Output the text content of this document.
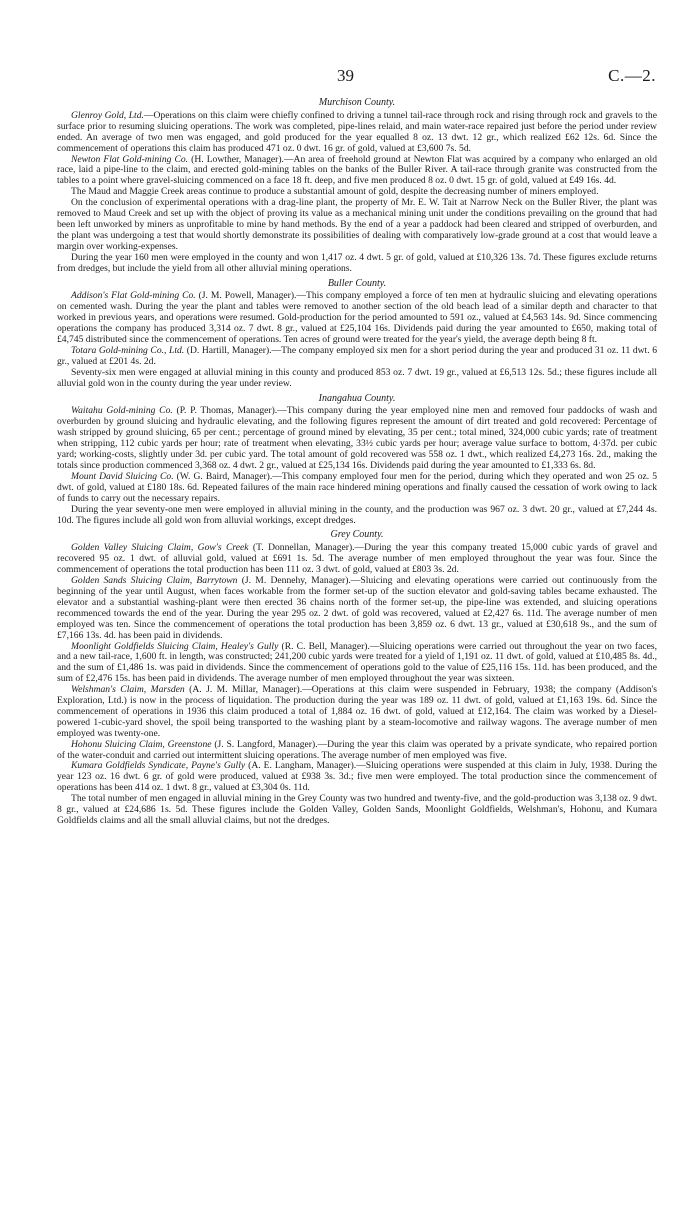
39	C.—2.

Murchison County.

Glenroy Gold, Ltd.—Operations on this claim were chiefly confined to driving a tunnel tail-race through rock and rising through rock and gravels to the surface prior to resuming sluicing operations. The work was completed, pipe-lines relaid, and main water-race repaired just before the period under review ended. An average of two men was engaged, and gold produced for the year equalled 8 oz. 13 dwt. 12 gr., which realized £62 12s. 6d. Since the commencement of operations this claim has produced 471 oz. 0 dwt. 16 gr. of gold, valued at £3,600 7s. 5d.

Newton Flat Gold-mining Co. (H. Lowther, Manager).—An area of freehold ground at Newton Flat was acquired by a company who enlarged an old race, laid a pipe-line to the claim, and erected gold-mining tables on the banks of the Buller River. A tail-race through granite was constructed from the tables to a point where gravel-sluicing commenced on a face 18 ft. deep, and five men produced 8 oz. 0 dwt. 15 gr. of gold, valued at £49 16s. 4d.

The Maud and Maggie Creek areas continue to produce a substantial amount of gold, despite the decreasing number of miners employed.

On the conclusion of experimental operations with a drag-line plant, the property of Mr. E. W. Tait at Narrow Neck on the Buller River, the plant was removed to Maud Creek and set up with the object of proving its value as a mechanical mining unit under the conditions prevailing on the ground that had been left unworked by miners as unprofitable to mine by hand methods. By the end of a year a paddock had been cleared and stripped of overburden, and the plant was undergoing a test that would shortly demonstrate its possibilities of dealing with comparatively low-grade ground at a cost that would leave a margin over working-expenses.

During the year 160 men were employed in the county and won 1,417 oz. 4 dwt. 5 gr. of gold, valued at £10,326 13s. 7d. These figures exclude returns from dredges, but include the yield from all other alluvial mining operations.

Buller County.

Addison's Flat Gold-mining Co. (J. M. Powell, Manager).—This company employed a force of ten men at hydraulic sluicing and elevating operations on cemented wash. During the year the plant and tables were removed to another section of the old beach lead of a similar depth and character to that worked in previous years, and operations were resumed. Gold-production for the period amounted to 591 oz., valued at £4,563 14s. 9d. Since commencing operations the company has produced 3,314 oz. 7 dwt. 8 gr., valued at £25,104 16s. Dividends paid during the year amounted to £650, making total of £4,745 distributed since the commencement of operations. Ten acres of ground were treated for the year's yield, the average depth being 8 ft.

Totara Gold-mining Co., Ltd. (D. Hartill, Manager).—The company employed six men for a short period during the year and produced 31 oz. 11 dwt. 6 gr., valued at £201 4s. 2d.

Seventy-six men were engaged at alluvial mining in this county and produced 853 oz. 7 dwt. 19 gr., valued at £6,513 12s. 5d.; these figures include all alluvial gold won in the county during the year under review.

Inangahua County.

Waitahu Gold-mining Co. (P. P. Thomas, Manager).—This company during the year employed nine men and removed four paddocks of wash and overburden by ground sluicing and hydraulic elevating, and the following figures represent the amount of dirt treated and gold recovered: Percentage of wash stripped by ground sluicing, 65 per cent.; percentage of ground mined by elevating, 35 per cent.; total mined, 324,000 cubic yards; rate of treatment when stripping, 112 cubic yards per hour; rate of treatment when elevating, 33½ cubic yards per hour; average value surface to bottom, 4·37d. per cubic yard; working-costs, slightly under 3d. per cubic yard. The total amount of gold recovered was 558 oz. 1 dwt., which realized £4,273 16s. 2d., making the totals since production commenced 3,368 oz. 4 dwt. 2 gr., valued at £25,134 16s. Dividends paid during the year amounted to £1,333 6s. 8d.

Mount David Sluicing Co. (W. G. Baird, Manager).—This company employed four men for the period, during which they operated and won 25 oz. 5 dwt. of gold, valued at £180 18s. 6d. Repeated failures of the main race hindered mining operations and finally caused the cessation of work owing to lack of funds to carry out the necessary repairs.

During the year seventy-one men were employed in alluvial mining in the county, and the production was 967 oz. 3 dwt. 20 gr., valued at £7,244 4s. 10d. The figures include all gold won from alluvial workings, except dredges.

Grey County.

Golden Valley Sluicing Claim, Gow's Creek (T. Donnellan, Manager).—During the year this company treated 15,000 cubic yards of gravel and recovered 95 oz. 1 dwt. of alluvial gold, valued at £691 1s. 5d. The average number of men employed throughout the year was four. Since the commencement of operations the total production has been 111 oz. 3 dwt. of gold, valued at £803 3s. 2d.

Golden Sands Sluicing Claim, Barrytown (J. M. Dennehy, Manager).—Sluicing and elevating operations were carried out continuously from the beginning of the year until August, when faces workable from the former set-up of the suction elevator and gold-saving tables became exhausted. The elevator and a substantial washing-plant were then erected 36 chains north of the former set-up, the pipe-line was extended, and sluicing operations recommenced towards the end of the year. During the year 295 oz. 2 dwt. of gold was recovered, valued at £2,427 6s. 11d. The average number of men employed was ten. Since the commencement of operations the total production has been 3,859 oz. 6 dwt. 13 gr., valued at £30,618 9s., and the sum of £7,166 13s. 4d. has been paid in dividends.

Moonlight Goldfields Sluicing Claim, Healey's Gully (R. C. Bell, Manager).—Sluicing operations were carried out throughout the year on two faces, and a new tail-race, 1,600 ft. in length, was constructed; 241,200 cubic yards were treated for a yield of 1,191 oz. 11 dwt. of gold, valued at £10,485 8s. 4d., and the sum of £1,486 1s. was paid in dividends. Since the commencement of operations gold to the value of £25,116 15s. 11d. has been produced, and the sum of £2,476 15s. has been paid in dividends. The average number of men employed throughout the year was sixteen.

Welshman's Claim, Marsden (A. J. M. Millar, Manager).—Operations at this claim were suspended in February, 1938; the company (Addison's Exploration, Ltd.) is now in the process of liquidation. The production during the year was 189 oz. 11 dwt. of gold, valued at £1,163 19s. 6d. Since the commencement of operations in 1936 this claim produced a total of 1,884 oz. 16 dwt. of gold, valued at £12,164. The claim was worked by a Diesel-powered 1-cubic-yard shovel, the spoil being transported to the washing plant by a steam-locomotive and railway wagons. The average number of men employed was twenty-one.

Hohonu Sluicing Claim, Greenstone (J. S. Langford, Manager).—During the year this claim was operated by a private syndicate, who repaired portion of the water-conduit and carried out intermittent sluicing operations. The average number of men employed was five.

Kumara Goldfields Syndicate, Payne's Gully (A. E. Langham, Manager).—Sluicing operations were suspended at this claim in July, 1938. During the year 123 oz. 16 dwt. 6 gr. of gold were produced, valued at £938 3s. 3d.; five men were employed. The total production since the commencement of operations has been 414 oz. 1 dwt. 8 gr., valued at £3,304 0s. 11d.

The total number of men engaged in alluvial mining in the Grey County was two hundred and twenty-five, and the gold-production was 3,138 oz. 9 dwt. 8 gr., valued at £24,686 1s. 5d. These figures include the Golden Valley, Golden Sands, Moonlight Goldfields, Welshman's, Hohonu, and Kumara Goldfields claims and all the small alluvial claims, but not the dredges.
